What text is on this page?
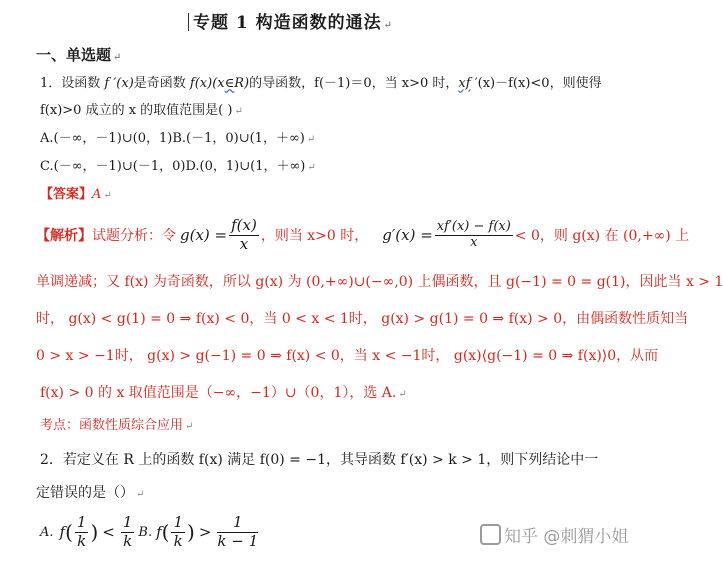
专题 1 构造函数的通法 ↵
一、单选题 ↵
1．设函数 f ′(x)是奇函数 f(x)(x∈R)的导函数，f(－1)＝0，当 x>0 时，xf ′(x)－f(x)<0，则使得
f(x)>0 成立的 x 的取值范围是( ) ↵
A.(－∞，－1)∪(0，1)B.(－1，0)∪(1，＋∞) ↵
C.(－∞，－1)∪(－1，0)D.(0，1)∪(1，＋∞) ↵
【答案】A ↵
【解析】 试题分析：令 $g(x) = \frac{f(x)}{x}$ ，则当 x>0 时， $g'(x) = \frac{xf'(x) - f(x)}{x} < 0$，则 g(x) 在 (0,+∞) 上
单调递减；又 f(x) 为奇函数，所以 g(x) 为 (0,+∞)∪(−∞,0) 上偶函数，且 g(−1) = 0 = g(1)，因此当 x > 1
时， g(x) < g(1) = 0 ⇒ f(x) < 0，当 0 < x < 1时， g(x) > g(1) = 0 ⇒ f(x) > 0，由偶函数性质知当
0 > x > −1时， g(x) > g(−1) = 0 ⇒ f(x) < 0，当 x < −1时， g(x)⟨g(−1) = 0 ⇒ f(x)⟩0，从而
f(x) > 0 的 x 取值范围是（−∞，−1）∪（0，1），选 A. ↵
考点：函数性质综合应用 ↵
2．若定义在 R 上的函数 f(x) 满足 f(0) = −1，其导函数 f′(x) > k > 1，则下列结论中一
定错误的是（） ↵
A. f ( $\frac{1}{k}$ ) < $\frac{1}{k} B$. f ( $\frac{1}{k}$ ) > $\frac{1}{k - 1}$	知乎 @刺猬小姐
